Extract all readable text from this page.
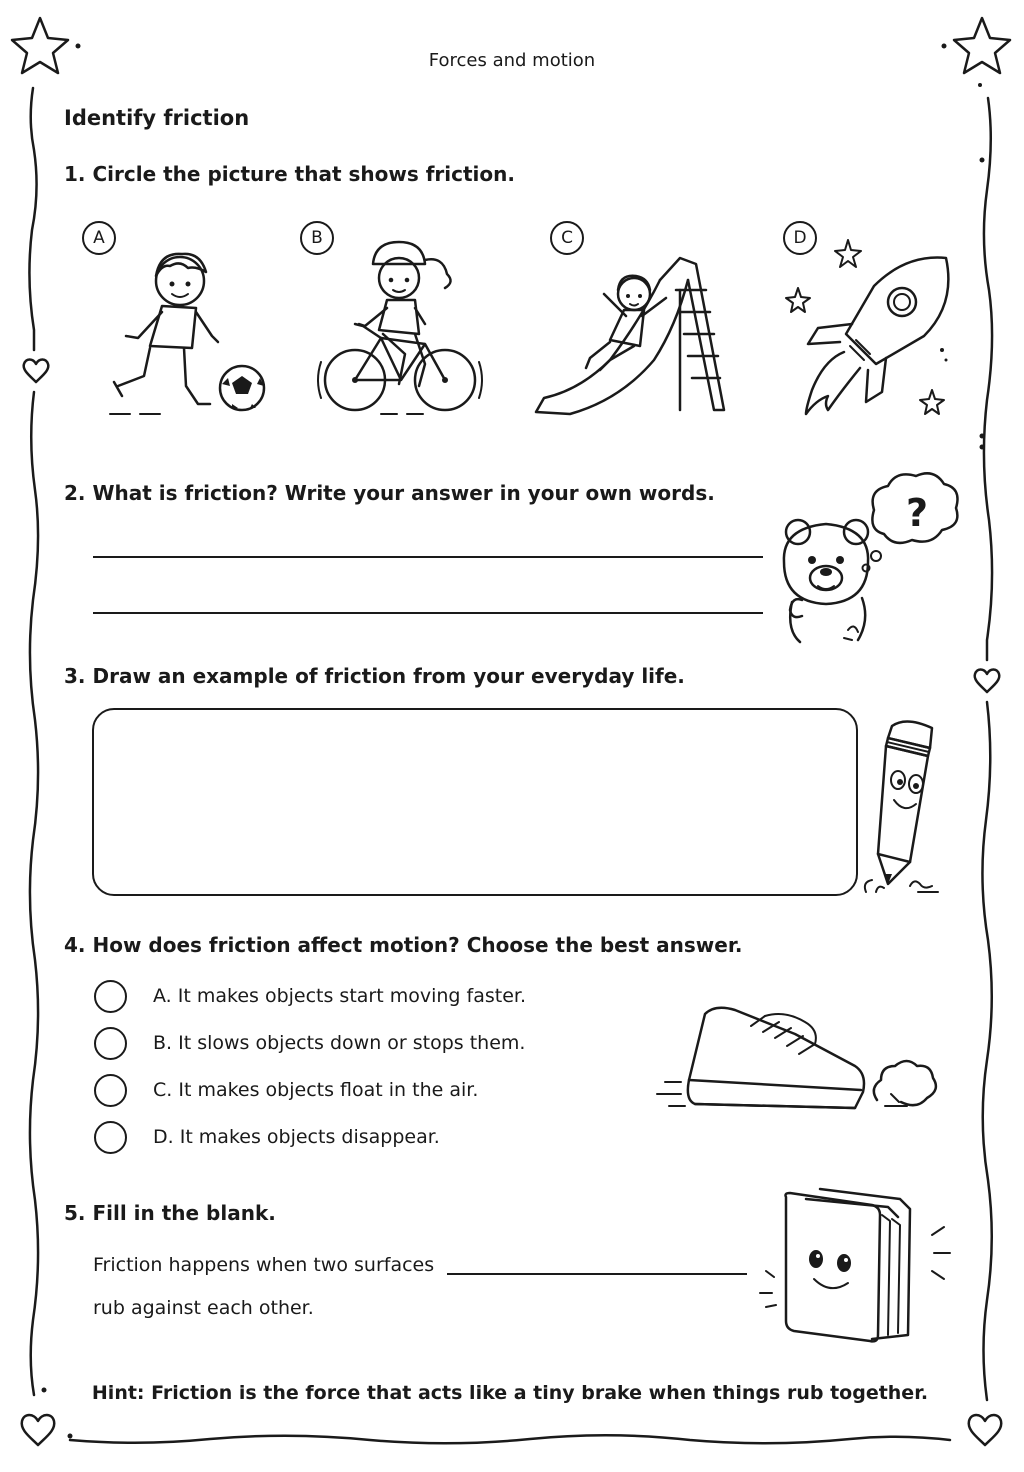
Forces and motion
Identify friction
1. Circle the picture that shows friction.
A	B	C	D
2. What is friction? Write your answer in your own words.	?
3. Draw an example of friction from your everyday life.
4. How does friction affect motion? Choose the best answer.
A. It makes objects start moving faster.
B. It slows objects down or stops them.
C. It makes objects float in the air.
D. It makes objects disappear.
5. Fill in the blank.
Friction happens when two surfaces
rub against each other.
Hint: Friction is the force that acts like a tiny brake when things rub together.
